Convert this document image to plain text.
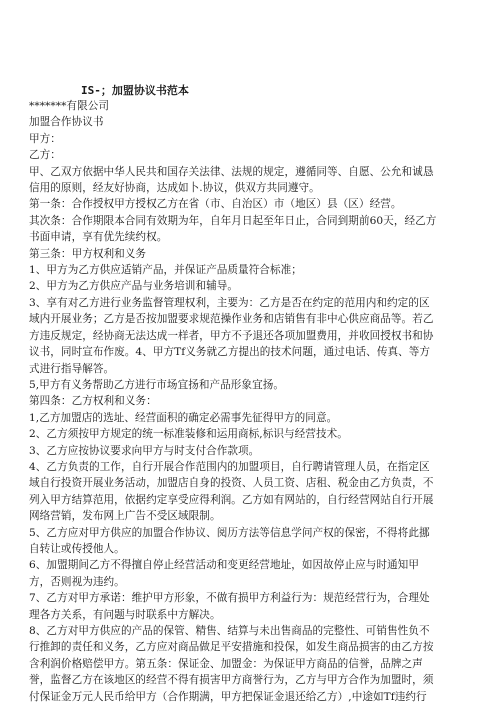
IS-；加盟协议书范本

*******有限公司

加盟合作协议书

甲方：

乙方：

甲、乙双方依据中华人民共和国存关法律、法规的规定，遵循同等、自愿、公允和诚恳

信用的原则，经友好协商，达成如卜.协议，供双方共同遵守。

第一条：合作授权甲方授权乙方在省（市、自治区）市（地区）县（区）经营。

其次条：合作期限本合同有效期为年，自年月日起至年日止，合同到期前60天，经乙方

书面申请，享有优先续约权。

第三条：甲方权利和义务

1、甲方为乙方供应适销产品，并保证产品质量符合标准；

2、甲方为乙方供应产品与业务培训和辅导。

3、享有对乙方进行业务监督管理权利，主要为：乙方是否在约定的范用内和约定的区

域内开展业务；乙方是否按加盟要求规范操作业务和店销售有非中心供应商品等。若乙

方违反规定，经协商无法达成一样者，甲方不予退还各项加盟费用，并收回授权书和协

议书，同时宣布作废。4、甲方Tf义务就乙方提出的技术问题，通过电话、传真、等方

式进行指导解答。

5,甲方有义务帮助乙方进行市场宜扬和产品形象宜扬。

第四条：乙方权利和义务：

1,乙方加盟店的选址、经营面积的确定必需事先征得甲方的同意。

2、乙方须按甲方规定的统一标准装修和运用商标,标识与经营技术。

3、乙方应按协议要求向甲方与时支付合作款项。

4、乙方负责的工作，自行开展合作范围内的加盟项目，自行聘请管理人员，在指定区

域自行投资开展业务活动，加盟店自身的投资、人员工资、店租、税金由乙方负责，不

列入甲方结算范用，依据约定享受应得利润。乙方如有网站的，自行经营网站自行开展

网络营销，发布网上广告不受区域限制。

5、乙方应对甲方供应的加盟合作协议、阅历方法等信息学问产权的保密，不得将此挪

自转让或传授他人。

6、加盟期间乙方不得擅自停止经营活动和变更经营地址，如因故停止应与时通知甲

方，否则视为违约。

7、乙方对甲方承诺：维护甲方形象，不做有损甲方利益行为：规范经营行为，合理处

理各方关系，有问题与时联系中方解决。

8、乙方对甲方供应的产品的保管、精售、结算与未出售商品的完整性、可销售性负不

行推卸的责任和义务，乙方应对商品做足平安措施和投保，如发生商品损害的由乙方按

含利润价格赔偿甲方。第五条：保证金、加盟金：为保证甲方商品的信誉，品牌之声

誉，监督乙方在该地区的经营不得有损害甲方商誉行为，乙方与甲方合作为加盟时，须

付保证金万元人民币给甲方（合作期满，甲方把保证金退还给乙方）,中途如Tf违约行
